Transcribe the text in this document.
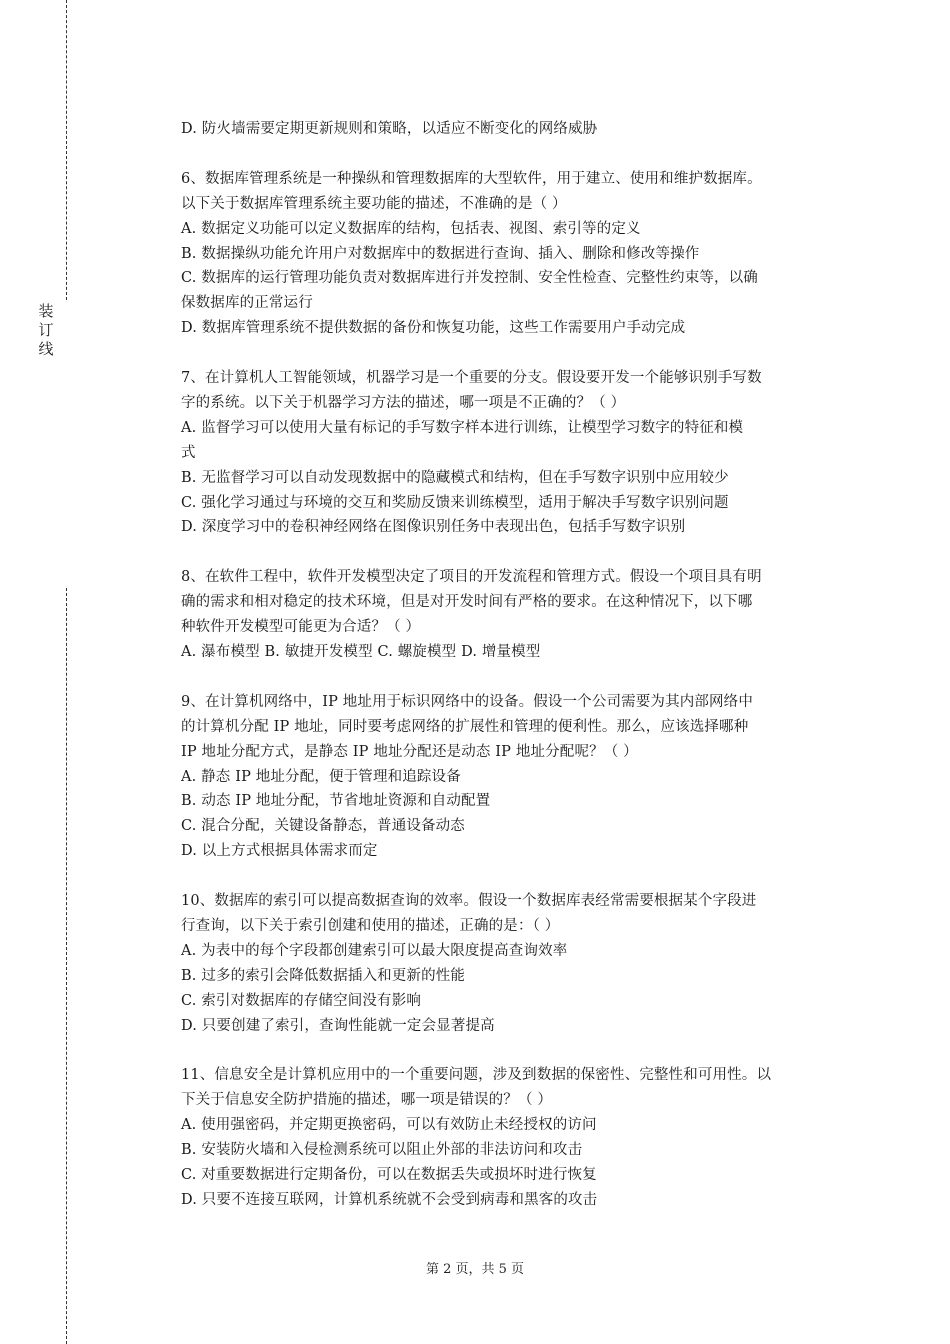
装
订
线
D. 防火墙需要定期更新规则和策略，以适应不断变化的网络威胁
6、数据库管理系统是一种操纵和管理数据库的大型软件，用于建立、使用和维护数据库。
以下关于数据库管理系统主要功能的描述，不准确的是（ ）
A. 数据定义功能可以定义数据库的结构，包括表、视图、索引等的定义
B. 数据操纵功能允许用户对数据库中的数据进行查询、插入、删除和修改等操作
C. 数据库的运行管理功能负责对数据库进行并发控制、安全性检查、完整性约束等，以确
保数据库的正常运行
D. 数据库管理系统不提供数据的备份和恢复功能，这些工作需要用户手动完成
7、在计算机人工智能领域，机器学习是一个重要的分支。假设要开发一个能够识别手写数
字的系统。以下关于机器学习方法的描述，哪一项是不正确的？（ ）
A. 监督学习可以使用大量有标记的手写数字样本进行训练，让模型学习数字的特征和模
式
B. 无监督学习可以自动发现数据中的隐藏模式和结构，但在手写数字识别中应用较少
C. 强化学习通过与环境的交互和奖励反馈来训练模型，适用于解决手写数字识别问题
D. 深度学习中的卷积神经网络在图像识别任务中表现出色，包括手写数字识别
8、在软件工程中，软件开发模型决定了项目的开发流程和管理方式。假设一个项目具有明
确的需求和相对稳定的技术环境，但是对开发时间有严格的要求。在这种情况下，以下哪
种软件开发模型可能更为合适？（ ）
A. 瀑布模型 B. 敏捷开发模型 C. 螺旋模型 D. 增量模型
9、在计算机网络中，IP 地址用于标识网络中的设备。假设一个公司需要为其内部网络中
的计算机分配 IP 地址，同时要考虑网络的扩展性和管理的便利性。那么，应该选择哪种
IP 地址分配方式，是静态 IP 地址分配还是动态 IP 地址分配呢？（ ）
A. 静态 IP 地址分配，便于管理和追踪设备
B. 动态 IP 地址分配，节省地址资源和自动配置
C. 混合分配，关键设备静态，普通设备动态
D. 以上方式根据具体需求而定
10、数据库的索引可以提高数据查询的效率。假设一个数据库表经常需要根据某个字段进
行查询，以下关于索引创建和使用的描述，正确的是：（ ）
A. 为表中的每个字段都创建索引可以最大限度提高查询效率
B. 过多的索引会降低数据插入和更新的性能
C. 索引对数据库的存储空间没有影响
D. 只要创建了索引，查询性能就一定会显著提高
11、信息安全是计算机应用中的一个重要问题，涉及到数据的保密性、完整性和可用性。以
下关于信息安全防护措施的描述，哪一项是错误的？（ ）
A. 使用强密码，并定期更换密码，可以有效防止未经授权的访问
B. 安装防火墙和入侵检测系统可以阻止外部的非法访问和攻击
C. 对重要数据进行定期备份，可以在数据丢失或损坏时进行恢复
D. 只要不连接互联网，计算机系统就不会受到病毒和黑客的攻击
第 2 页，共 5 页
